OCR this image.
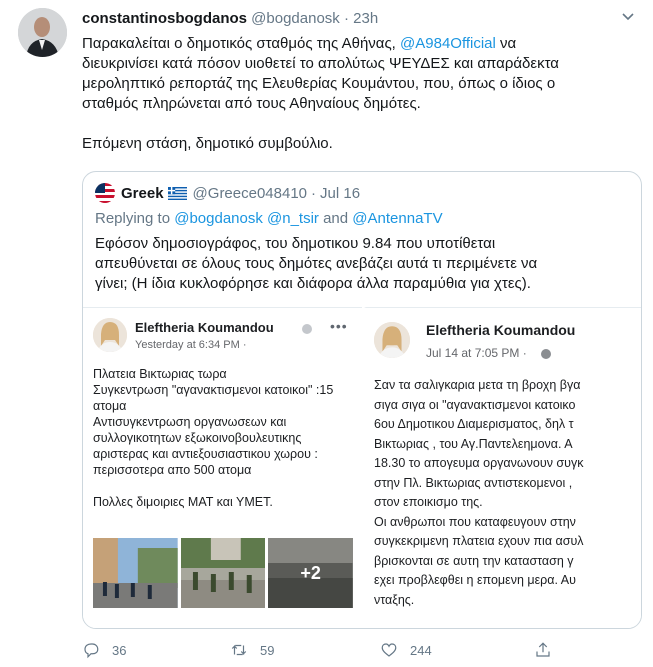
constantinosbogdanos @bogdanosk · 23h

Παρακαλείται ο δημοτικός σταθμός της Αθήνας, @A984Official να

διευκρινίσει κατά πόσον υιοθετεί το απολύτως ΨΕΥΔΕΣ και απαράδεκτα

μεροληπτικό ρεπορτάζ της Ελευθερίας Κουμάντου, που, όπως ο ίδιος ο

σταθμός πληρώνεται από τους Αθηναίους δημότες.

Επόμενη στάση, δημοτικό συμβούλιο.

Greek @Greece048410 · Jul 16
Replying to @bogdanosk @n_tsir and @AntennaTV
Εφόσον δημοσιογράφος, του δημοτικου 9.84 που υποτίθεται
απευθύνεται σε όλους τους δημότες ανεβάζει αυτά τι περιμένετε να
γίνει; (Η ίδια κυκλοφόρησε και διάφορα άλλα παραμύθια για χτες).
Eleftheria Koumandou
Yesterday at 6:34 PM ·
•••
Πλατεια Βικτωριας τωρα
Συγκεντρωση "αγανακτισμενοι κατοικοι" :15
ατομα
Αντισυγκεντρωση οργανωσεων και
συλλογικοτητων εξωκοινοβουλευτικης
αριστερας και αντιεξουσιαστικου χωρου :
περισσοτερα απο 500 ατομα

Πολλες διμοιριες ΜΑΤ και ΥΜΕΤ.
+2
Eleftheria Koumandou
Jul 14 at 7:05 PM ·
Σαν τα σαλιγκαρια μετα τη βροχη βγα
σιγα σιγα οι "αγανακτισμενοι κατοικο
6ου Δημοτικου Διαμερισματος, δηλ τ
Βικτωριας , του Αγ.Παντελεημονα. Α
18.30 το απογευμα οργανωνουν συγκ
στην Πλ. Βικτωριας αντιστεκομενοι ,
στον εποικισμο της.
Οι ανθρωποι που καταφευγουν στην
συγκεκριμενη πλατεια εχουν πια ασυλ
βρισκονται σε αυτη την κατασταση γ
εχει προβλεφθει η επομενη μερα. Αυ
νταξης.
36	59	244
